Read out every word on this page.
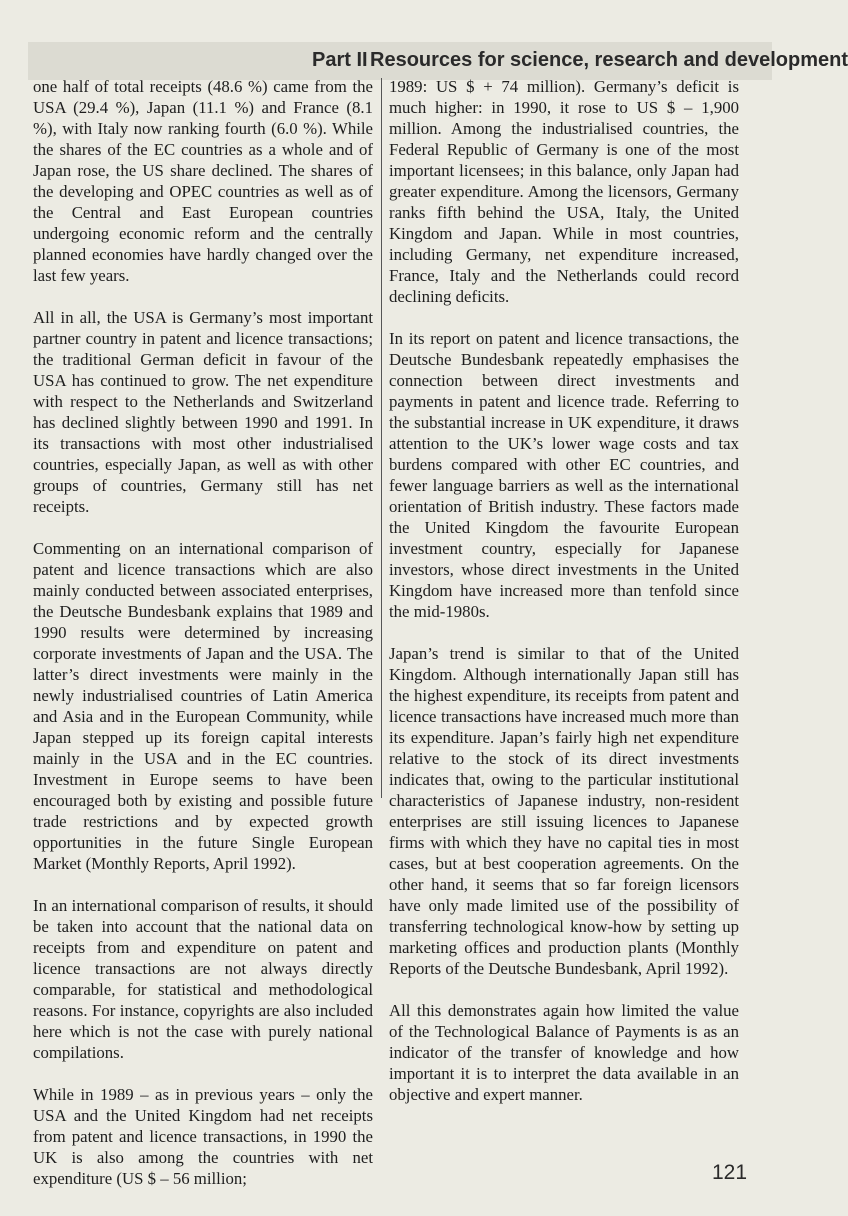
Part II Resources for science, research and development

one half of total receipts (48.6 %) came from the USA (29.4 %), Japan (11.1 %) and France (8.1 %), with Italy now ranking fourth (6.0 %). While the shares of the EC countries as a whole and of Japan rose, the US share declined. The shares of the developing and OPEC countries as well as of the Central and East European countries undergoing economic reform and the centrally planned economies have hardly changed over the last few years.

All in all, the USA is Germany’s most important partner country in patent and licence transactions; the traditional German deficit in favour of the USA has continued to grow. The net expenditure with respect to the Netherlands and Switzerland has declined slightly between 1990 and 1991. In its transactions with most other industrialised countries, especially Japan, as well as with other groups of countries, Germany still has net receipts.

Commenting on an international comparison of patent and licence transactions which are also mainly conducted between associated enterprises, the Deutsche Bundesbank explains that 1989 and 1990 results were determined by increasing corporate investments of Japan and the USA. The latter’s direct investments were mainly in the newly industrialised countries of Latin America and Asia and in the European Community, while Japan stepped up its foreign capital interests mainly in the USA and in the EC countries. Investment in Europe seems to have been encouraged both by existing and possible future trade restrictions and by expected growth opportunities in the future Single European Market (Monthly Reports, April 1992).

In an international comparison of results, it should be taken into account that the national data on receipts from and expenditure on patent and licence transactions are not always directly comparable, for statistical and methodological reasons. For instance, copyrights are also included here which is not the case with purely national compilations.

While in 1989 – as in previous years – only the USA and the United Kingdom had net receipts from patent and licence transactions, in 1990 the UK is also among the countries with net expenditure (US $ – 56 million;

1989: US $ + 74 million). Germany’s deficit is much higher: in 1990, it rose to US $ – 1,900 million. Among the industrialised countries, the Federal Republic of Germany is one of the most important licensees; in this balance, only Japan had greater expenditure. Among the licensors, Germany ranks fifth behind the USA, Italy, the United Kingdom and Japan. While in most countries, including Germany, net expenditure increased, France, Italy and the Netherlands could record declining deficits.

In its report on patent and licence transactions, the Deutsche Bundesbank repeatedly emphasises the connection between direct investments and payments in patent and licence trade. Referring to the substantial increase in UK expenditure, it draws attention to the UK’s lower wage costs and tax burdens compared with other EC countries, and fewer language barriers as well as the international orientation of British industry. These factors made the United Kingdom the favourite European investment country, especially for Japanese investors, whose direct investments in the United Kingdom have increased more than tenfold since the mid-1980s.

Japan’s trend is similar to that of the United Kingdom. Although internationally Japan still has the highest expenditure, its receipts from patent and licence transactions have increased much more than its expenditure. Japan’s fairly high net expenditure relative to the stock of its direct investments indicates that, owing to the particular institutional characteristics of Japanese industry, non-resident enterprises are still issuing licences to Japanese firms with which they have no capital ties in most cases, but at best cooperation agreements. On the other hand, it seems that so far foreign licensors have only made limited use of the possibility of transferring technological know-how by setting up marketing offices and production plants (Monthly Reports of the Deutsche Bundesbank, April 1992).

All this demonstrates again how limited the value of the Technological Balance of Payments is as an indicator of the transfer of knowledge and how important it is to interpret the data available in an objective and expert manner.

121
